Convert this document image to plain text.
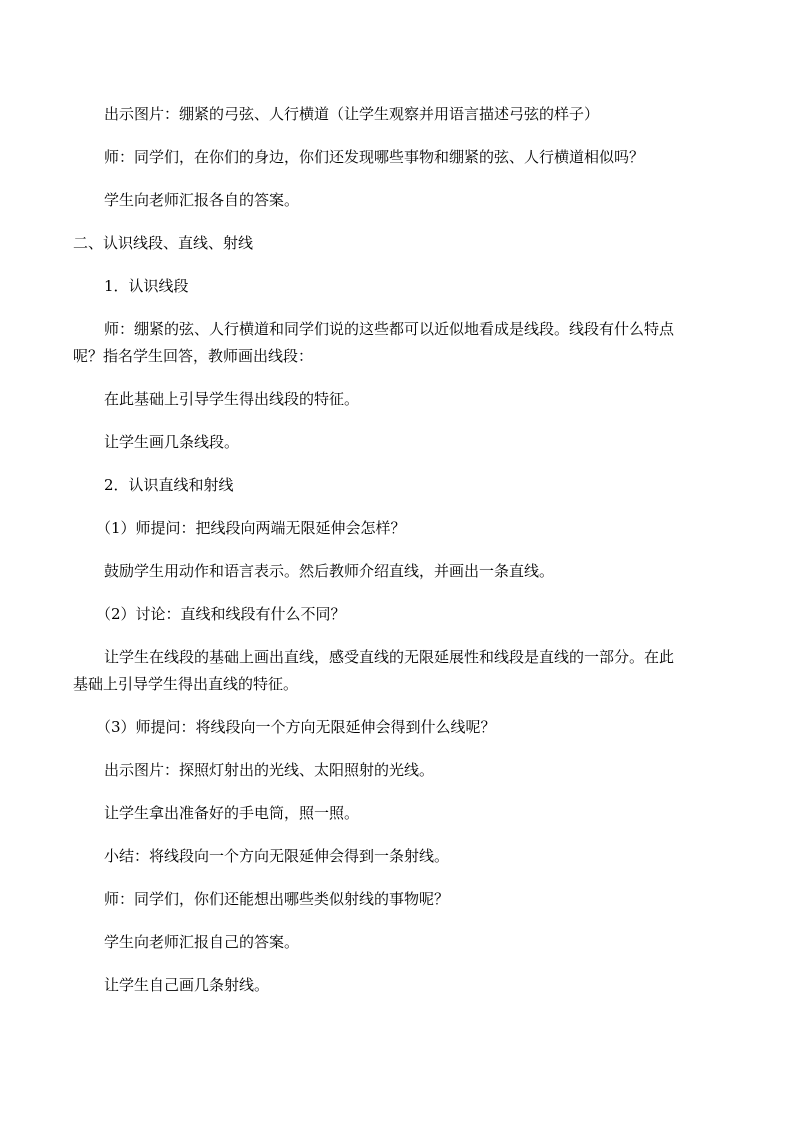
出示图片：绷紧的弓弦、人行横道（让学生观察并用语言描述弓弦的样子）
师：同学们，在你们的身边，你们还发现哪些事物和绷紧的弦、人行横道相似吗？
学生向老师汇报各自的答案。
二、认识线段、直线、射线
1．认识线段
师：绷紧的弦、人行横道和同学们说的这些都可以近似地看成是线段。线段有什么特点
呢？指名学生回答，教师画出线段：
在此基础上引导学生得出线段的特征。
让学生画几条线段。
2．认识直线和射线
（1）师提问：把线段向两端无限延伸会怎样？
鼓励学生用动作和语言表示。然后教师介绍直线，并画出一条直线。
（2）讨论：直线和线段有什么不同？
让学生在线段的基础上画出直线，感受直线的无限延展性和线段是直线的一部分。在此
基础上引导学生得出直线的特征。
（3）师提问：将线段向一个方向无限延伸会得到什么线呢？
出示图片：探照灯射出的光线、太阳照射的光线。
让学生拿出准备好的手电筒，照一照。
小结：将线段向一个方向无限延伸会得到一条射线。
师：同学们，你们还能想出哪些类似射线的事物呢？
学生向老师汇报自己的答案。
让学生自己画几条射线。
